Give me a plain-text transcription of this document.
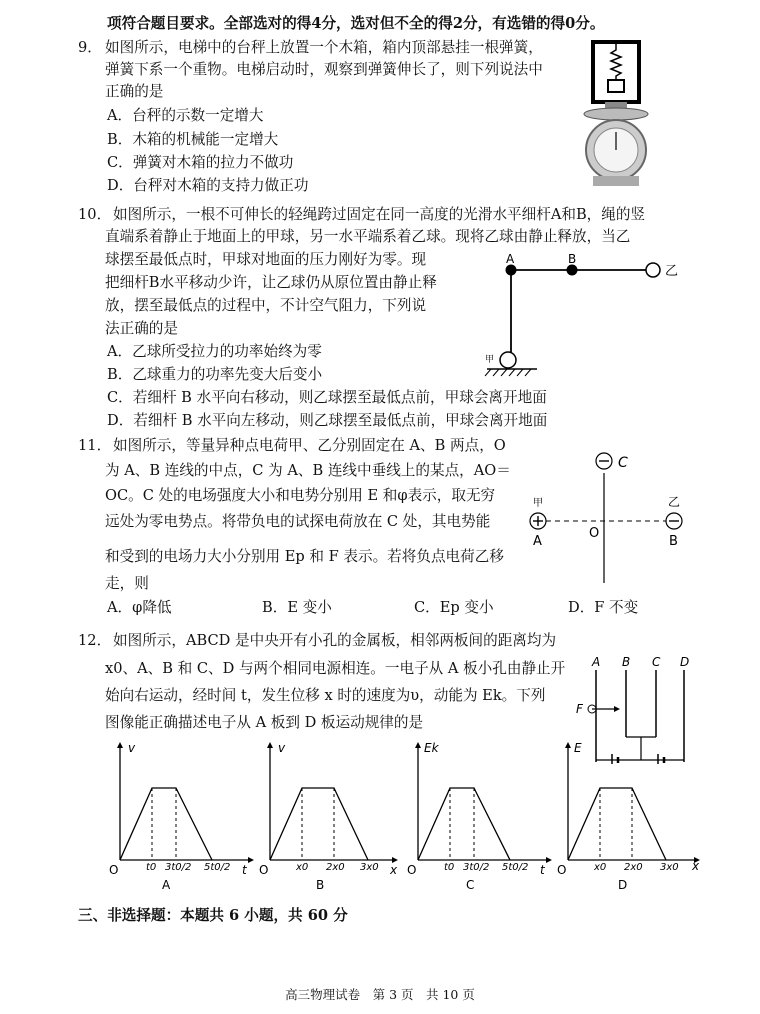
项符合题目要求。全部选对的得4分，选对但不全的得2分，有选错的得0分。
9． 如图所示，电梯中的台秤上放置一个木箱，箱内顶部悬挂一根弹簧，
弹簧下系一个重物。电梯启动时，观察到弹簧伸长了，则下列说法中
正确的是
A．台秤的示数一定增大
B．木箱的机械能一定增大
C．弹簧对木箱的拉力不做功
D．台秤对木箱的支持力做正功
10． 如图所示，一根不可伸长的轻绳跨过固定在同一高度的光滑水平细杆A和B，绳的竖
直端系着静止于地面上的甲球，另一水平端系着乙球。现将乙球由静止释放，当乙
球摆至最低点时，甲球对地面的压力刚好为零。现
把细杆B水平移动少许，让乙球仍从原位置由静止释
放，摆至最低点的过程中，不计空气阻力，下列说
法正确的是
A．乙球所受拉力的功率始终为零
B．乙球重力的功率先变大后变小
C．若细杆 B 水平向右移动，则乙球摆至最低点前，甲球会离开地面
D．若细杆 B 水平向左移动，则乙球摆至最低点前，甲球会离开地面
A	B
乙
甲
11． 如图所示，等量异种点电荷甲、乙分别固定在 A、B 两点，O
为 A、B 连线的中点，C 为 A、B 连线中垂线上的某点，AO＝
OC。C 处的电场强度大小和电势分别用 E 和φ表示，取无穷
远处为零电势点。将带负电的试探电荷放在 C 处，其电势能
和受到的电场力大小分别用 Ep 和 F 表示。若将负点电荷乙移
走，则
A．φ降低	B．E 变小	C．Ep 变小	D．F 不变
C
甲	乙
A
O
B
12． 如图所示，ABCD 是中央开有小孔的金属板，相邻两板间的距离均为
x0、A、B 和 C、D 与两个相同电源相连。一电子从 A 板小孔由静止开
始向右运动，经时间 t，发生位移 x 时的速度为υ，动能为 Ek。下列
图像能正确描述电子从 A 板到 D 板运动规律的是
A B C D
F
v
t
O	t0 3t0/2 5t0/2
A
v
x
O	x0 2x0 3x0
B
Ek
t
O	t0 3t0/2 5t0/2
C
E
x
O	x0 2x0 3x0
D
三、非选择题：本题共 6 小题，共 60 分
高三物理试卷　第 3 页　共 10 页
